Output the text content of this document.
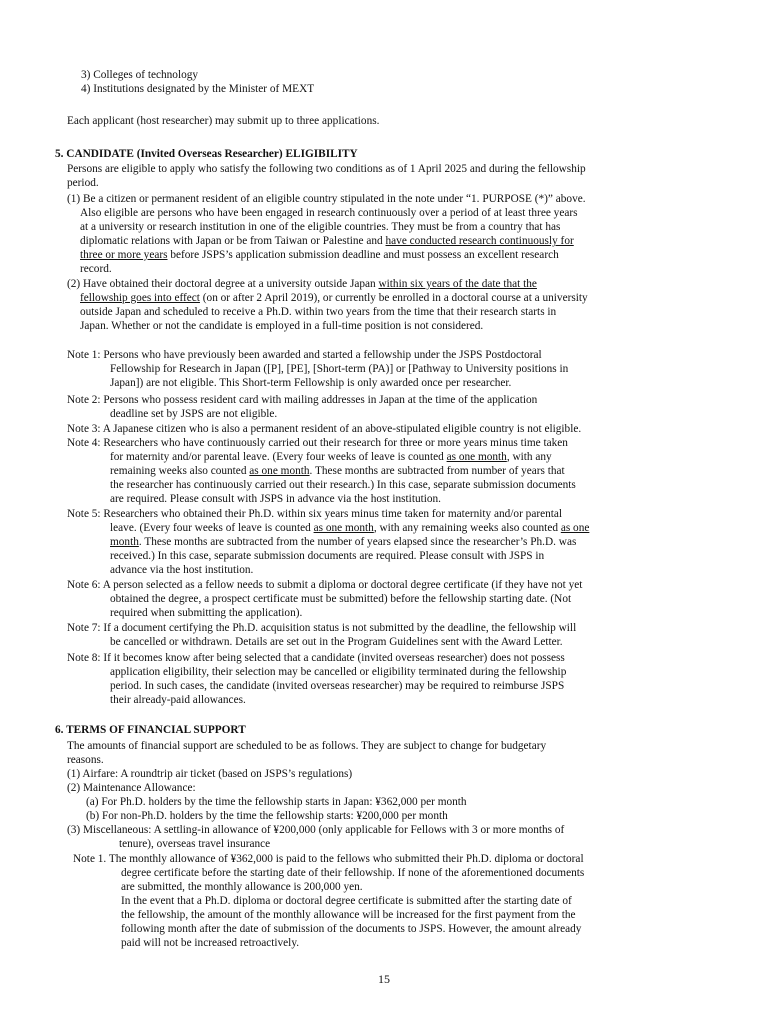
3) Colleges of technology
4) Institutions designated by the Minister of MEXT
Each applicant (host researcher) may submit up to three applications.
5. CANDIDATE (Invited Overseas Researcher) ELIGIBILITY
Persons are eligible to apply who satisfy the following two conditions as of 1 April 2025 and during the fellowship
period.
(1) Be a citizen or permanent resident of an eligible country stipulated in the note under “1. PURPOSE (*)” above.
Also eligible are persons who have been engaged in research continuously over a period of at least three years
at a university or research institution in one of the eligible countries. They must be from a country that has
diplomatic relations with Japan or be from Taiwan or Palestine and have conducted research continuously for
three or more years before JSPS’s application submission deadline and must possess an excellent research
record.
(2) Have obtained their doctoral degree at a university outside Japan within six years of the date that the
fellowship goes into effect (on or after 2 April 2019), or currently be enrolled in a doctoral course at a university
outside Japan and scheduled to receive a Ph.D. within two years from the time that their research starts in
Japan. Whether or not the candidate is employed in a full-time position is not considered.
Note 1: Persons who have previously been awarded and started a fellowship under the JSPS Postdoctoral
Fellowship for Research in Japan ([P], [PE], [Short-term (PA)] or [Pathway to University positions in
Japan]) are not eligible. This Short-term Fellowship is only awarded once per researcher.
Note 2: Persons who possess resident card with mailing addresses in Japan at the time of the application
deadline set by JSPS are not eligible.
Note 3: A Japanese citizen who is also a permanent resident of an above-stipulated eligible country is not eligible.
Note 4: Researchers who have continuously carried out their research for three or more years minus time taken
for maternity and/or parental leave. (Every four weeks of leave is counted as one month, with any
remaining weeks also counted as one month. These months are subtracted from number of years that
the researcher has continuously carried out their research.) In this case, separate submission documents
are required. Please consult with JSPS in advance via the host institution.
Note 5: Researchers who obtained their Ph.D. within six years minus time taken for maternity and/or parental
leave. (Every four weeks of leave is counted as one month, with any remaining weeks also counted as one
month. These months are subtracted from the number of years elapsed since the researcher’s Ph.D. was
received.) In this case, separate submission documents are required. Please consult with JSPS in
advance via the host institution.
Note 6: A person selected as a fellow needs to submit a diploma or doctoral degree certificate (if they have not yet
obtained the degree, a prospect certificate must be submitted) before the fellowship starting date. (Not
required when submitting the application).
Note 7: If a document certifying the Ph.D. acquisition status is not submitted by the deadline, the fellowship will
be cancelled or withdrawn. Details are set out in the Program Guidelines sent with the Award Letter.
Note 8: If it becomes know after being selected that a candidate (invited overseas researcher) does not possess
application eligibility, their selection may be cancelled or eligibility terminated during the fellowship
period. In such cases, the candidate (invited overseas researcher) may be required to reimburse JSPS
their already-paid allowances.
6. TERMS OF FINANCIAL SUPPORT
The amounts of financial support are scheduled to be as follows. They are subject to change for budgetary
reasons.
(1) Airfare: A roundtrip air ticket (based on JSPS’s regulations)
(2) Maintenance Allowance:
(a) For Ph.D. holders by the time the fellowship starts in Japan: ¥362,000 per month
(b) For non-Ph.D. holders by the time the fellowship starts: ¥200,000 per month
(3) Miscellaneous: A settling-in allowance of ¥200,000 (only applicable for Fellows with 3 or more months of
tenure), overseas travel insurance
Note 1. The monthly allowance of ¥362,000 is paid to the fellows who submitted their Ph.D. diploma or doctoral
degree certificate before the starting date of their fellowship. If none of the aforementioned documents
are submitted, the monthly allowance is 200,000 yen.
In the event that a Ph.D. diploma or doctoral degree certificate is submitted after the starting date of
the fellowship, the amount of the monthly allowance will be increased for the first payment from the
following month after the date of submission of the documents to JSPS. However, the amount already
paid will not be increased retroactively.
15
